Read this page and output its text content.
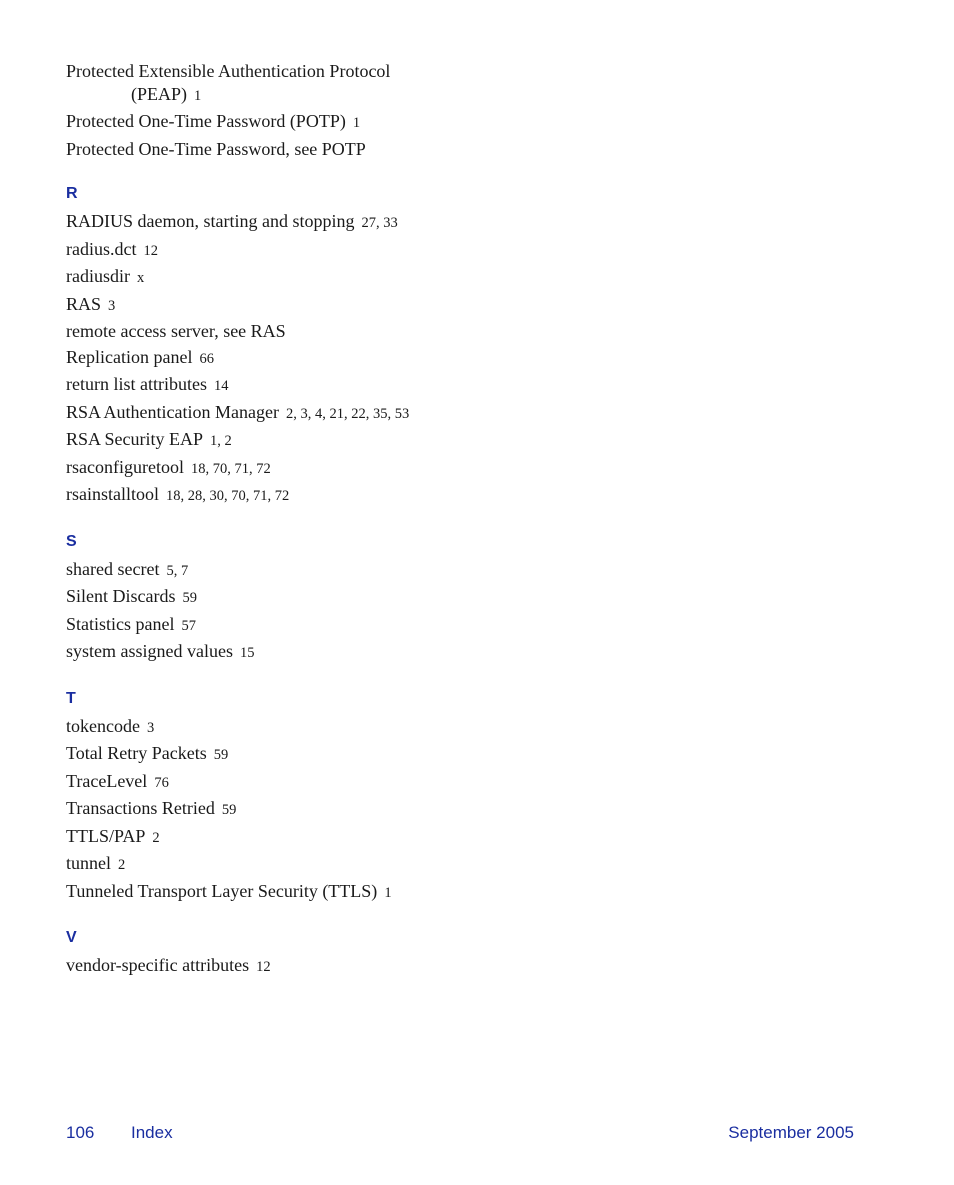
Protected Extensible Authentication Protocol
(PEAP) 1
Protected One-Time Password (POTP) 1
Protected One-Time Password, see POTP
R
RADIUS daemon, starting and stopping 27, 33
radius.dct 12
radiusdir x
RAS 3
remote access server, see RAS
Replication panel 66
return list attributes 14
RSA Authentication Manager 2, 3, 4, 21, 22, 35, 53
RSA Security EAP 1, 2
rsaconfiguretool 18, 70, 71, 72
rsainstalltool 18, 28, 30, 70, 71, 72
S
shared secret 5, 7
Silent Discards 59
Statistics panel 57
system assigned values 15
T
tokencode 3
Total Retry Packets 59
TraceLevel 76
Transactions Retried 59
TTLS/PAP 2
tunnel 2
Tunneled Transport Layer Security (TTLS) 1
V
vendor-specific attributes 12
106 Index	September 2005
